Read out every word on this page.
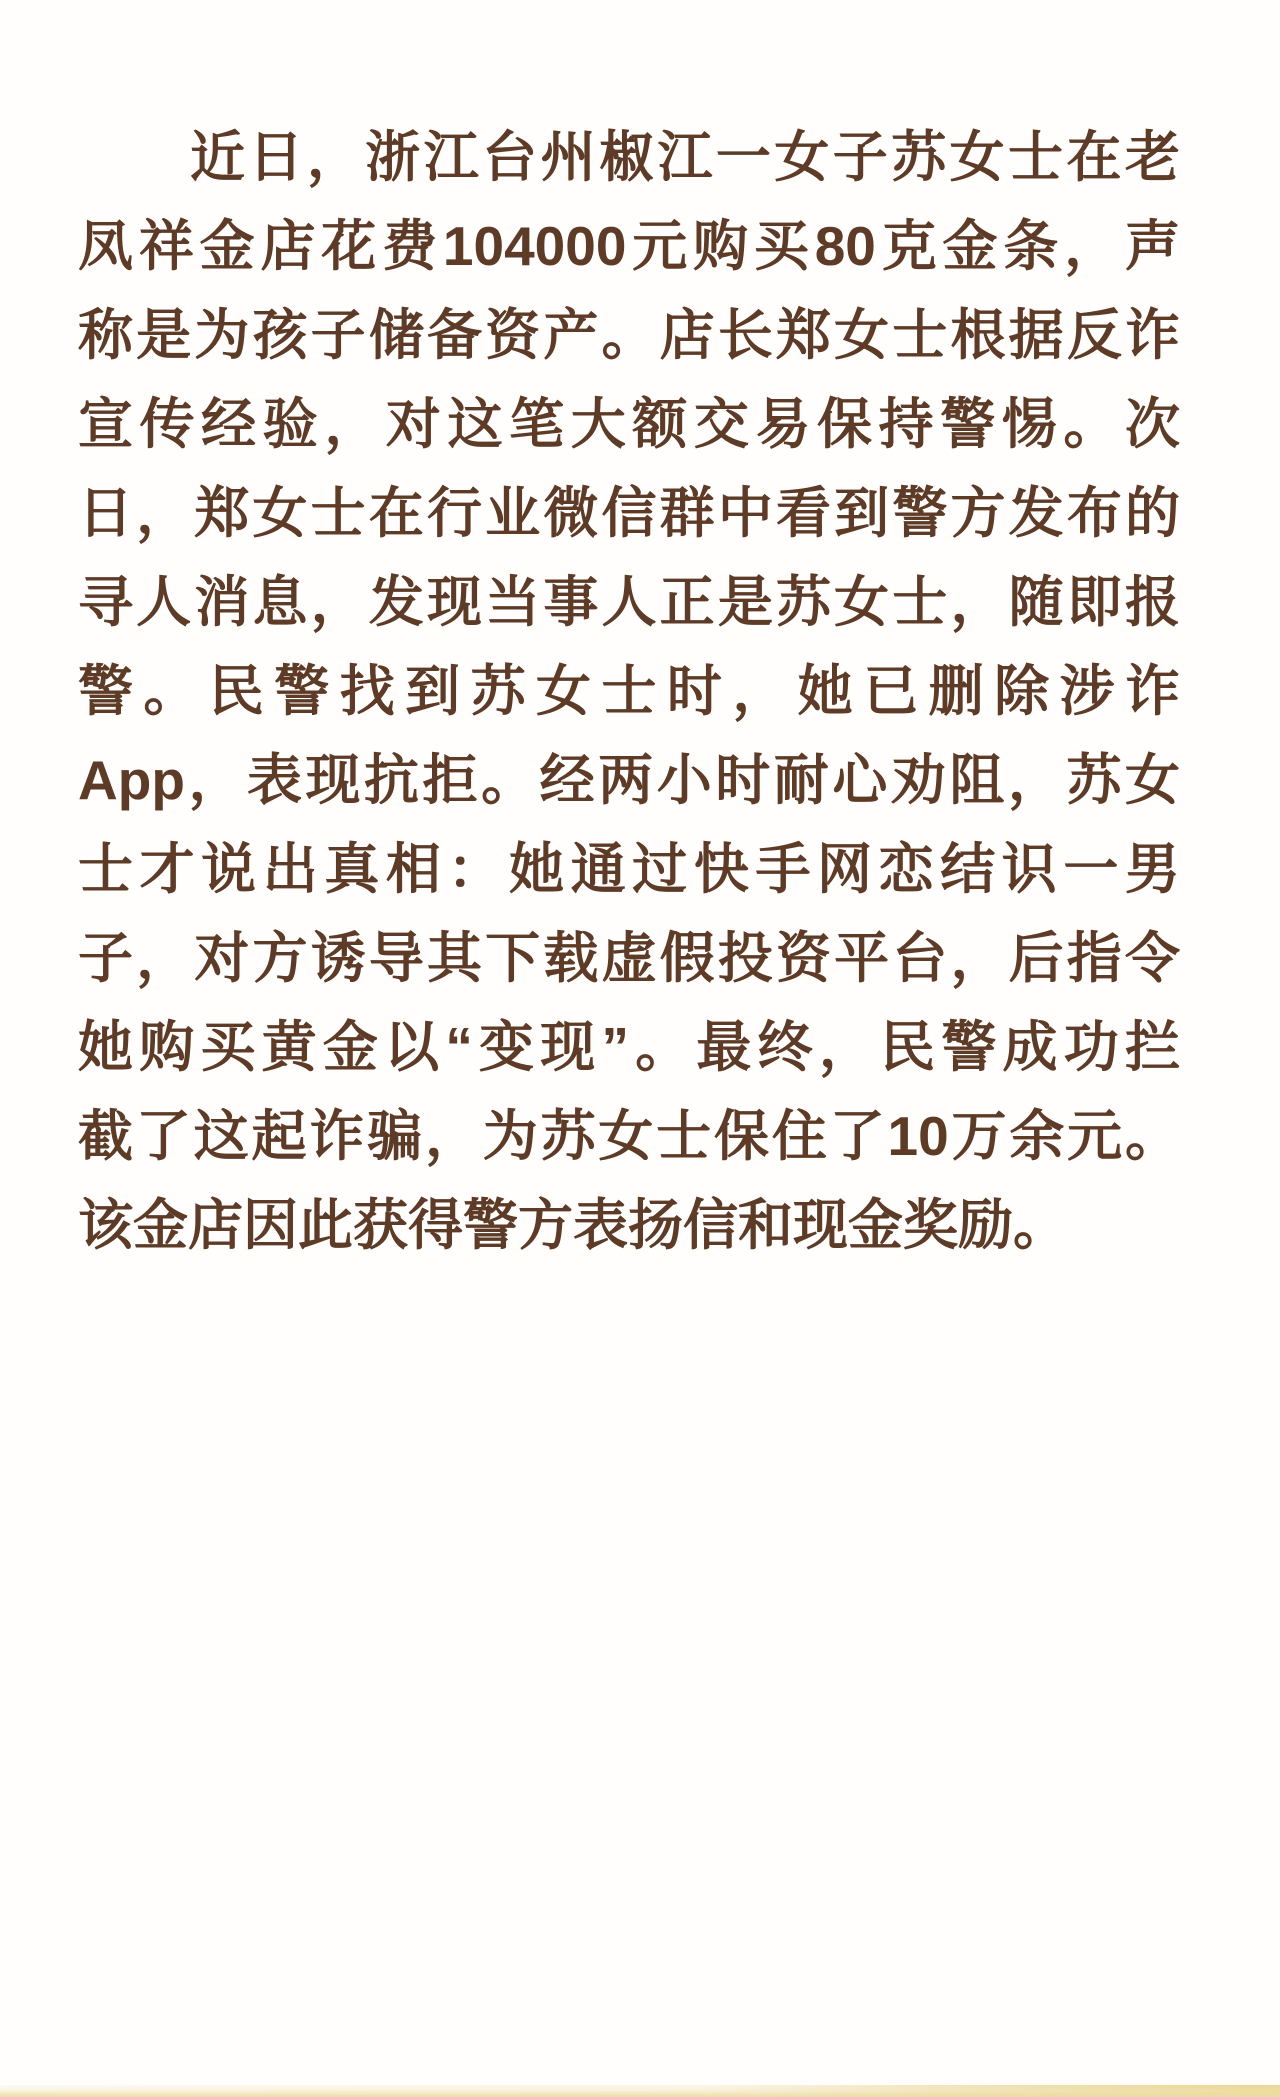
近日，浙江台州椒江一女子苏女士在老
凤祥金店花费104000元购买80克金条，声
称是为孩子储备资产。店长郑女士根据反诈
宣传经验，对这笔大额交易保持警惕。次
日，郑女士在行业微信群中看到警方发布的
寻人消息，发现当事人正是苏女士，随即报
警。民警找到苏女士时，她已删除涉诈
App，表现抗拒。经两小时耐心劝阻，苏女
士才说出真相：她通过快手网恋结识一男
子，对方诱导其下载虚假投资平台，后指令
她购买黄金以“变现”。最终，民警成功拦
截了这起诈骗，为苏女士保住了10万余元。
该金店因此获得警方表扬信和现金奖励。
